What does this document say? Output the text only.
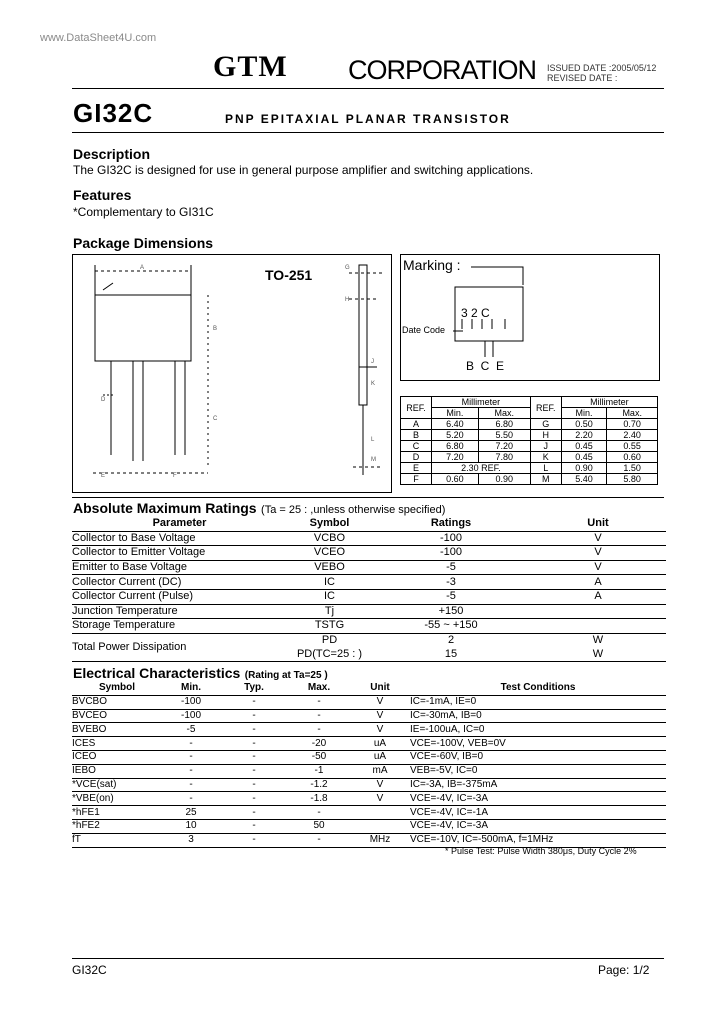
www.DataSheet4U.com
GTM CORPORATION ISSUED DATE :2005/05/12
REVISED DATE :
GI32C	PNP EPITAXIAL PLANAR TRANSISTOR
Description
The GI32C is designed for use in general purpose amplifier and switching applications.
Features
*Complementary to GI31C
Package Dimensions
TO-251
A
B
C
D
E	F
G
H
J
K
L
M
Marking :
3 2 C
Date Code
B  C  E
REF.	Millimeter		REF.	Millimeter	
	Min.	Max.		Min.	Max.
A	6.40	6.80	G	0.50	0.70
B	5.20	5.50	H	2.20	2.40
C	6.80	7.20	J	0.45	0.55
D	7.20	7.80	K	0.45	0.60
E	2.30 REF.		L	0.90	1.50
F	0.60	0.90	M	5.40	5.80
Absolute Maximum Ratings (Ta = 25 : ,unless otherwise specified)
Parameter	Symbol	Ratings	Unit
Collector to Base Voltage	VCBO	-100	V
Collector to Emitter Voltage	VCEO	-100	V
Emitter to Base Voltage	VEBO	-5	V
Collector Current (DC)	IC	-3	A
Collector Current (Pulse)	IC	-5	A
Junction Temperature	Tj	+150	
Storage Temperature	TSTG	-55 ~ +150	
Total Power Dissipation	PD	2	W
	PD(TC=25 : )	15	W
Electrical Characteristics (Rating at Ta=25 )
Symbol	Min.	Typ.	Max.	Unit	Test Conditions
BVCBO	-100	-	-	V	IC=-1mA, IE=0
BVCEO	-100	-	-	V	IC=-30mA, IB=0
BVEBO	-5	-	-	V	IE=-100uA, IC=0
ICES	-	-	-20	uA	VCE=-100V, VEB=0V
ICEO	-	-	-50	uA	VCE=-60V, IB=0
IEBO	-	-	-1	mA	VEB=-5V, IC=0
*VCE(sat)	-	-	-1.2	V	IC=-3A, IB=-375mA
*VBE(on)	-	-	-1.8	V	VCE=-4V, IC=-3A
*hFE1	25	-	-		VCE=-4V, IC=-1A
*hFE2	10	-	50		VCE=-4V, IC=-3A
fT	3	-	-	MHz	VCE=-10V, IC=-500mA, f=1MHz
* Pulse Test: Pulse Width 380μs, Duty Cycle 2%
GI32C	Page: 1/2
